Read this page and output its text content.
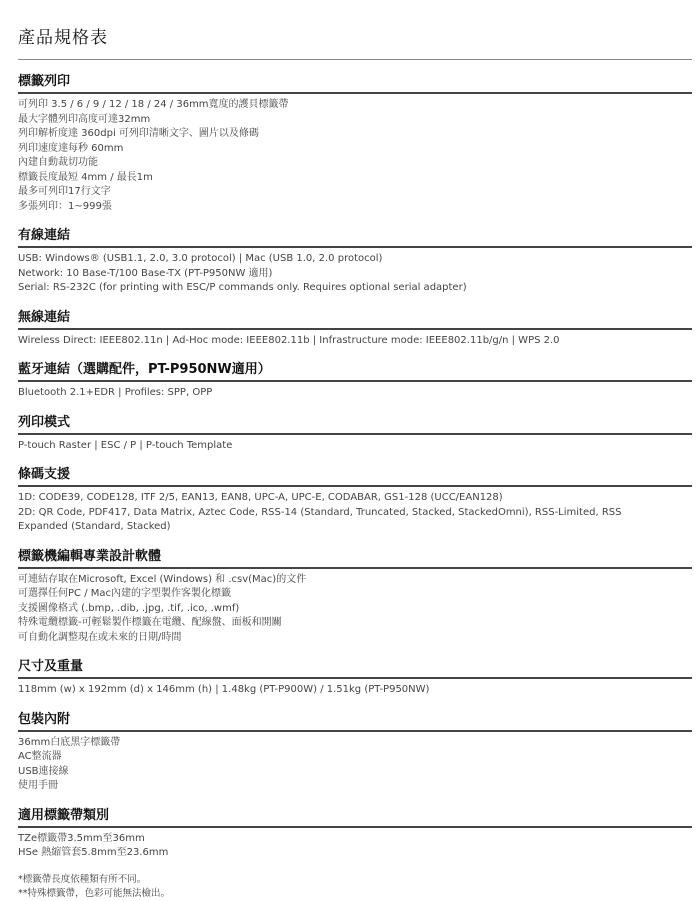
產品規格表
標籤列印
可列印 3.5 / 6 / 9 / 12 / 18 / 24 / 36mm寬度的護貝標籤帶
最大字體列印高度可達32mm
列印解析度達 360dpi 可列印清晰文字、圖片以及條碼
列印速度達每秒 60mm
內建自動裁切功能
標籤長度最短 4mm / 最長1m
最多可列印17行文字
多張列印：1~999張
有線連結
USB: Windows® (USB1.1, 2.0, 3.0 protocol) | Mac (USB 1.0, 2.0 protocol)
Network: 10 Base-T/100 Base-TX (PT-P950NW 適用)
Serial: RS-232C (for printing with ESC/P commands only. Requires optional serial adapter)
無線連結
Wireless Direct: IEEE802.11n | Ad-Hoc mode: IEEE802.11b | Infrastructure mode: IEEE802.11b/g/n | WPS 2.0
藍牙連結（選購配件，PT-P950NW適用）
Bluetooth 2.1+EDR | Profiles: SPP, OPP
列印模式
P-touch Raster | ESC / P | P-touch Template
條碼支援
1D: CODE39, CODE128, ITF 2/5, EAN13, EAN8, UPC-A, UPC-E, CODABAR, GS1-128 (UCC/EAN128)
2D: QR Code, PDF417, Data Matrix, Aztec Code, RSS-14 (Standard, Truncated, Stacked, StackedOmni), RSS-Limited, RSS Expanded (Standard, Stacked)
標籤機編輯專業設計軟體
可連結存取在Microsoft, Excel (Windows) 和 .csv(Mac)的文件
可選擇任何PC / Mac內建的字型製作客製化標籤
支援圖像格式 (.bmp, .dib, .jpg, .tif, .ico, .wmf)
特殊電纜標籤-可輕鬆製作標籤在電纜、配線盤、面板和開關
可自動化調整現在或未來的日期/時間
尺寸及重量
118mm (w) x 192mm (d) x 146mm (h) | 1.48kg (PT-P900W) / 1.51kg (PT-P950NW)
包裝內附
36mm白底黑字標籤帶
AC整流器
USB連接線
使用手冊
適用標籤帶類別
TZe標籤帶3.5mm至36mm
HSe 熱縮管套5.8mm至23.6mm
*標籤帶長度依種類有所不同。
**特殊標籤帶，色彩可能無法檢出。
